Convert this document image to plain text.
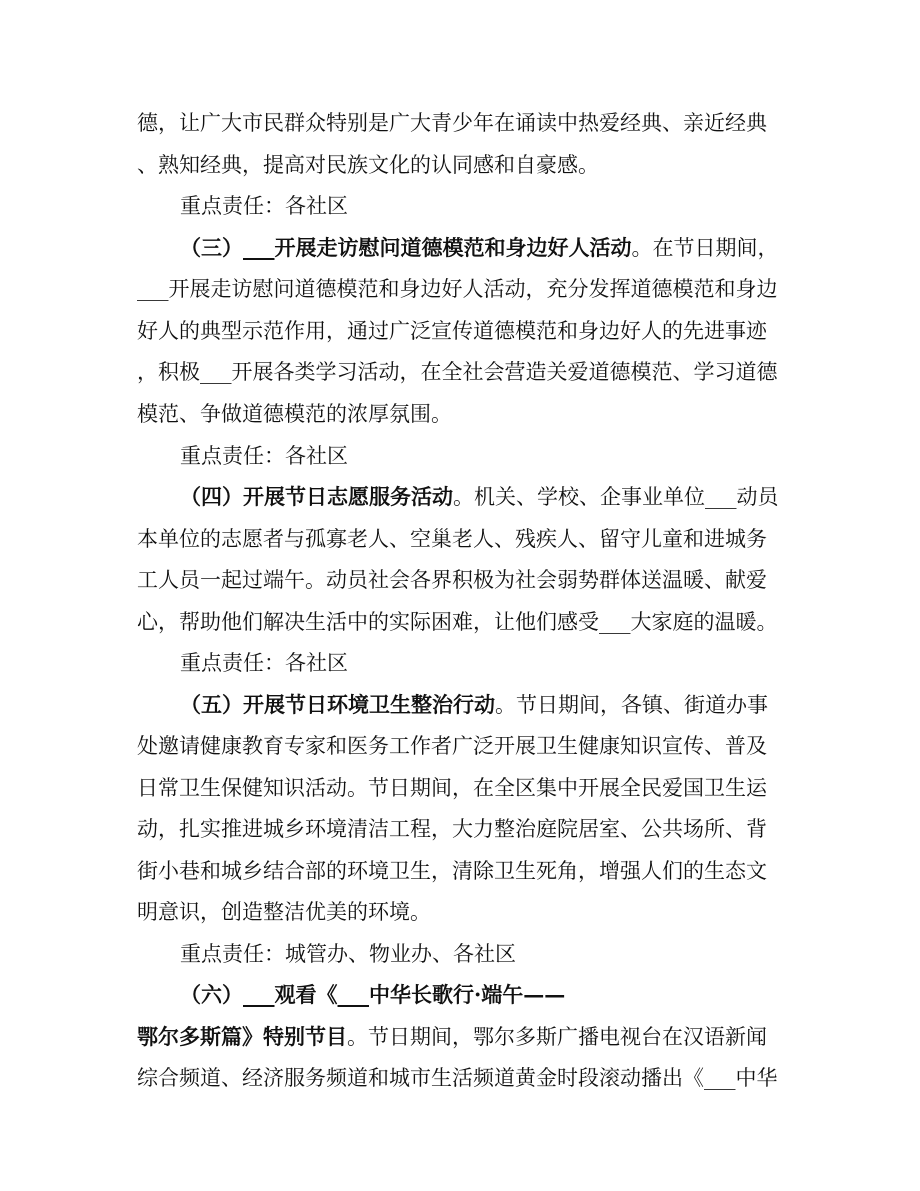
德，让广大市民群众特别是广大青少年在诵读中热爱经典、亲近经典
、熟知经典，提高对民族文化的认同感和自豪感。
重点责任：各社区
（三）___开展走访慰问道德模范和身边好人活动。在节日期间，
___开展走访慰问道德模范和身边好人活动，充分发挥道德模范和身边
好人的典型示范作用，通过广泛宣传道德模范和身边好人的先进事迹
，积极___开展各类学习活动，在全社会营造关爱道德模范、学习道德
模范、争做道德模范的浓厚氛围。
重点责任：各社区
（四）开展节日志愿服务活动。机关、学校、企事业单位___动员
本单位的志愿者与孤寡老人、空巢老人、残疾人、留守儿童和进城务
工人员一起过端午。动员社会各界积极为社会弱势群体送温暖、献爱
心，帮助他们解决生活中的实际困难，让他们感受___大家庭的温暖。
重点责任：各社区
（五）开展节日环境卫生整治行动。节日期间，各镇、街道办事
处邀请健康教育专家和医务工作者广泛开展卫生健康知识宣传、普及
日常卫生保健知识活动。节日期间，在全区集中开展全民爱国卫生运
动，扎实推进城乡环境清洁工程，大力整治庭院居室、公共场所、背
街小巷和城乡结合部的环境卫生，清除卫生死角，增强人们的生态文
明意识，创造整洁优美的环境。
重点责任：城管办、物业办、各社区
（六）___观看《___中华长歌行·端午——
鄂尔多斯篇》特别节目。节日期间，鄂尔多斯广播电视台在汉语新闻
综合频道、经济服务频道和城市生活频道黄金时段滚动播出《___中华
